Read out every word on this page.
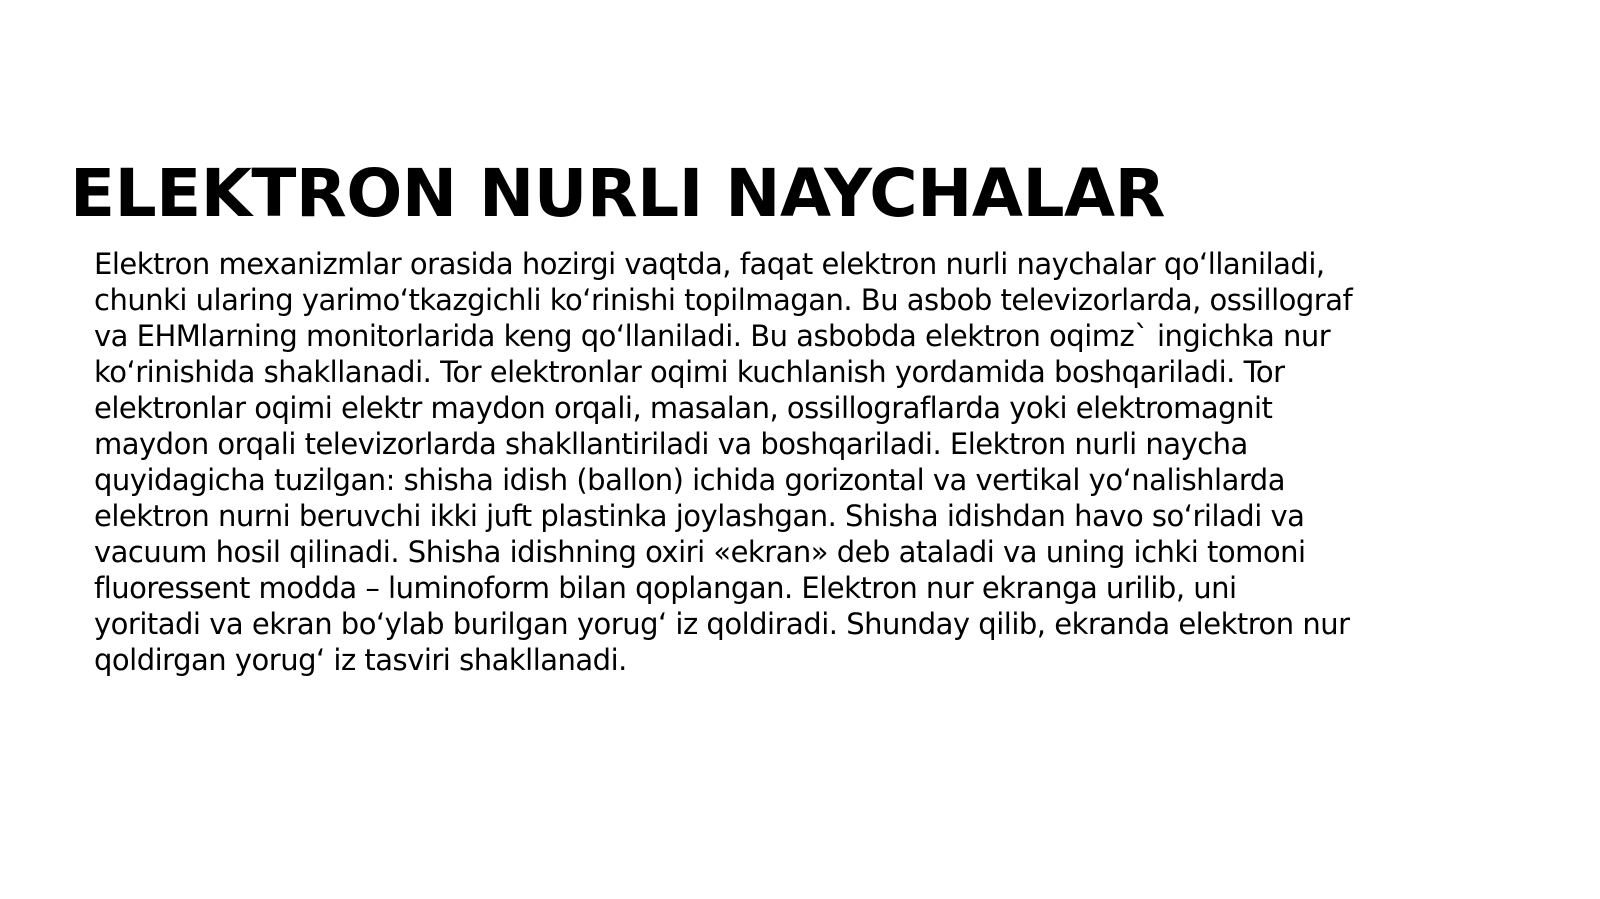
ELEKTRON NURLI NAYCHALAR
Elektron mexanizmlar orasida hozirgi vaqtda, faqat elektron nurli naychalar qo‘llaniladi,
chunki ularing yarimo‘tkazgichli ko‘rinishi topilmagan. Bu asbob televizorlarda, ossillograf
va EHMlarning monitorlarida keng qo‘llaniladi. Bu asbobda elektron oqimz` ingichka nur
ko‘rinishida shakllanadi. Tor elektronlar oqimi kuchlanish yordamida boshqariladi. Tor
elektronlar oqimi elektr maydon orqali, masalan, ossillograflarda yoki elektromagnit
maydon orqali televizorlarda shakllantiriladi va boshqariladi. Elektron nurli naycha
quyidagicha tuzilgan: shisha idish (ballon) ichida gorizontal va vertikal yo‘nalishlarda
elektron nurni beruvchi ikki juft plastinka joylashgan. Shisha idishdan havo so‘riladi va
vacuum hosil qilinadi. Shisha idishning oxiri «ekran» deb ataladi va uning ichki tomoni
fluoressent modda – luminoform bilan qoplangan. Elektron nur ekranga urilib, uni
yoritadi va ekran bo‘ylab burilgan yorug‘ iz qoldiradi. Shunday qilib, ekranda elektron nur
qoldirgan yorug‘ iz tasviri shakllanadi.
